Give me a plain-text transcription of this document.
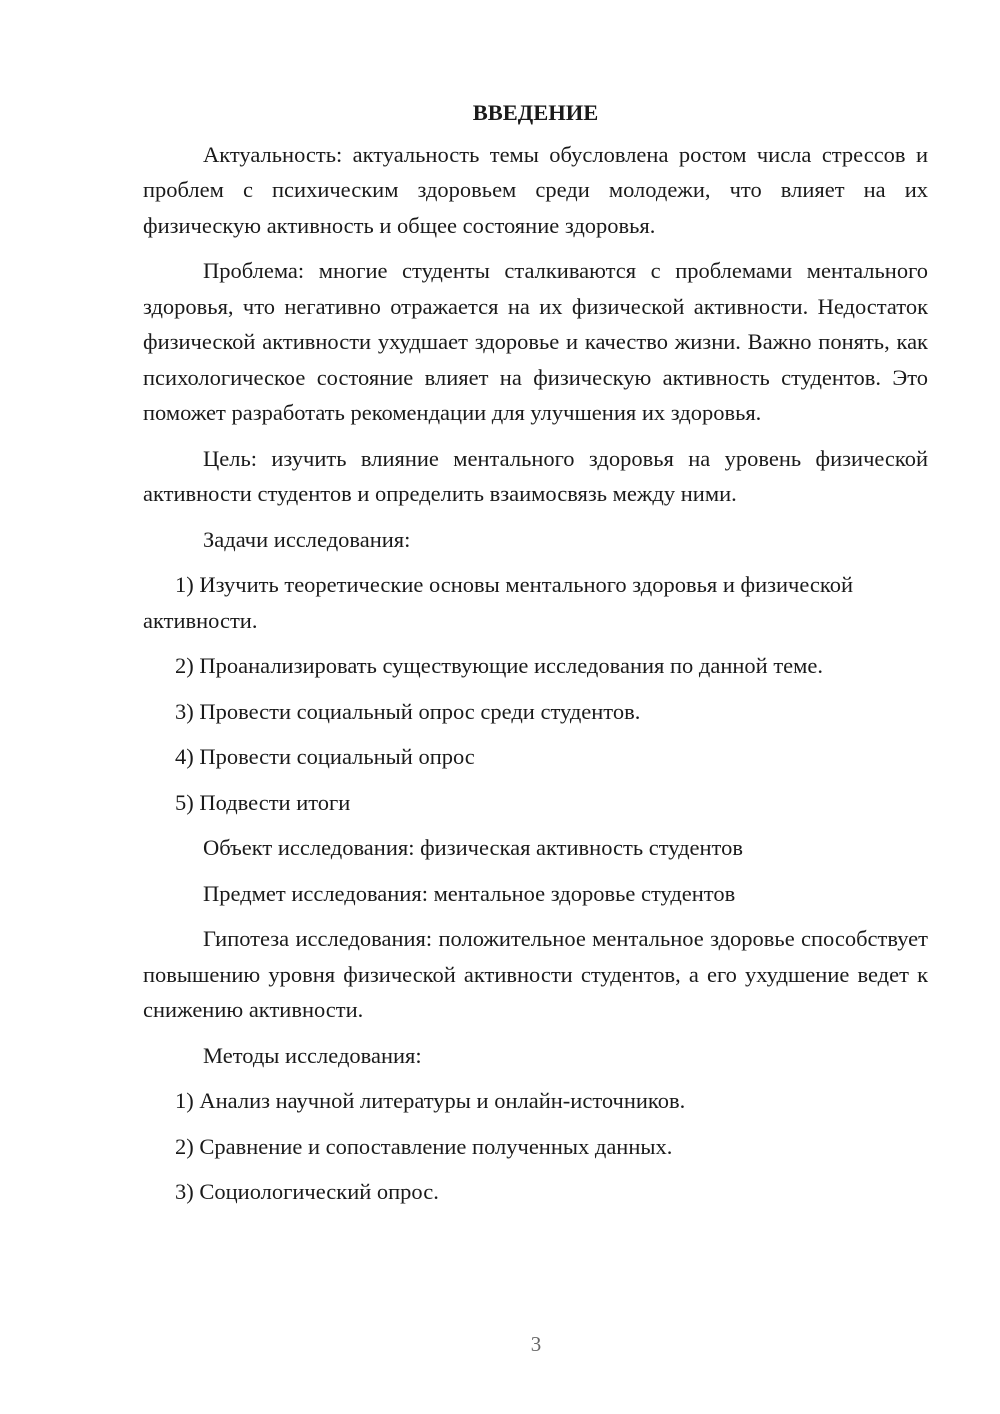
ВВЕДЕНИЕ

Актуальность: актуальность темы обусловлена ростом числа стрессов и проблем с психическим здоровьем среди молодежи, что влияет на их физическую активность и общее состояние здоровья.

Проблема: многие студенты сталкиваются с проблемами ментального здоровья, что негативно отражается на их физической активности. Недостаток физической активности ухудшает здоровье и качество жизни. Важно понять, как психологическое состояние влияет на физическую активность студентов. Это поможет разработать рекомендации для улучшения их здоровья.

Цель: изучить влияние ментального здоровья на уровень физической активности студентов и определить взаимосвязь между ними.

Задачи исследования:

1) Изучить теоретические основы ментального здоровья и физической активности.

2) Проанализировать существующие исследования по данной теме.

3) Провести социальный опрос среди студентов.

4) Провести социальный опрос

5) Подвести итоги

Объект исследования: физическая активность студентов

Предмет исследования: ментальное здоровье студентов

Гипотеза исследования: положительное ментальное здоровье способствует повышению уровня физической активности студентов, а его ухудшение ведет к снижению активности.

Методы исследования:

1) Анализ научной литературы и онлайн-источников.

2) Сравнение и сопоставление полученных данных.

3) Социологический опрос.

3
